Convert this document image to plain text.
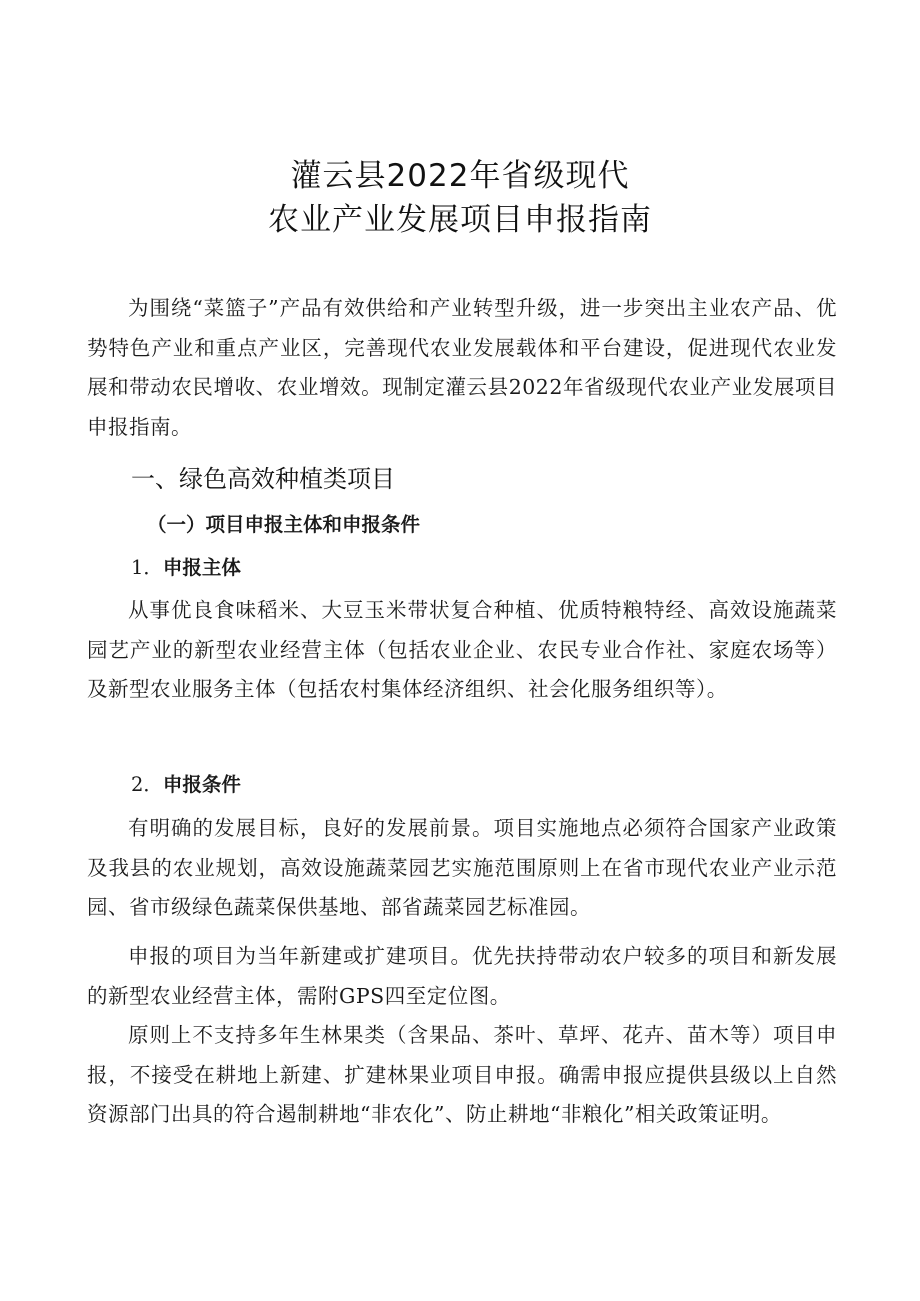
灌云县2022年省级现代
农业产业发展项目申报指南

为围绕“菜篮子”产品有效供给和产业转型升级，进一步突出主业农产品、优势特色产业和重点产业区，完善现代农业发展载体和平台建设，促进现代农业发展和带动农民增收、农业增效。现制定灌云县2022年省级现代农业产业发展项目申报指南。

一、绿色高效种植类项目
（一）项目申报主体和申报条件
1．申报主体

从事优良食味稻米、大豆玉米带状复合种植、优质特粮特经、高效设施蔬菜园艺产业的新型农业经营主体（包括农业企业、农民专业合作社、家庭农场等）及新型农业服务主体（包括农村集体经济组织、社会化服务组织等）。

2．申报条件

有明确的发展目标，良好的发展前景。项目实施地点必须符合国家产业政策及我县的农业规划，高效设施蔬菜园艺实施范围原则上在省市现代农业产业示范园、省市级绿色蔬菜保供基地、部省蔬菜园艺标准园。

申报的项目为当年新建或扩建项目。优先扶持带动农户较多的项目和新发展的新型农业经营主体，需附GPS四至定位图。

原则上不支持多年生林果类（含果品、茶叶、草坪、花卉、苗木等）项目申报，不接受在耕地上新建、扩建林果业项目申报。确需申报应提供县级以上自然资源部门出具的符合遏制耕地“非农化”、防止耕地“非粮化”相关政策证明。
